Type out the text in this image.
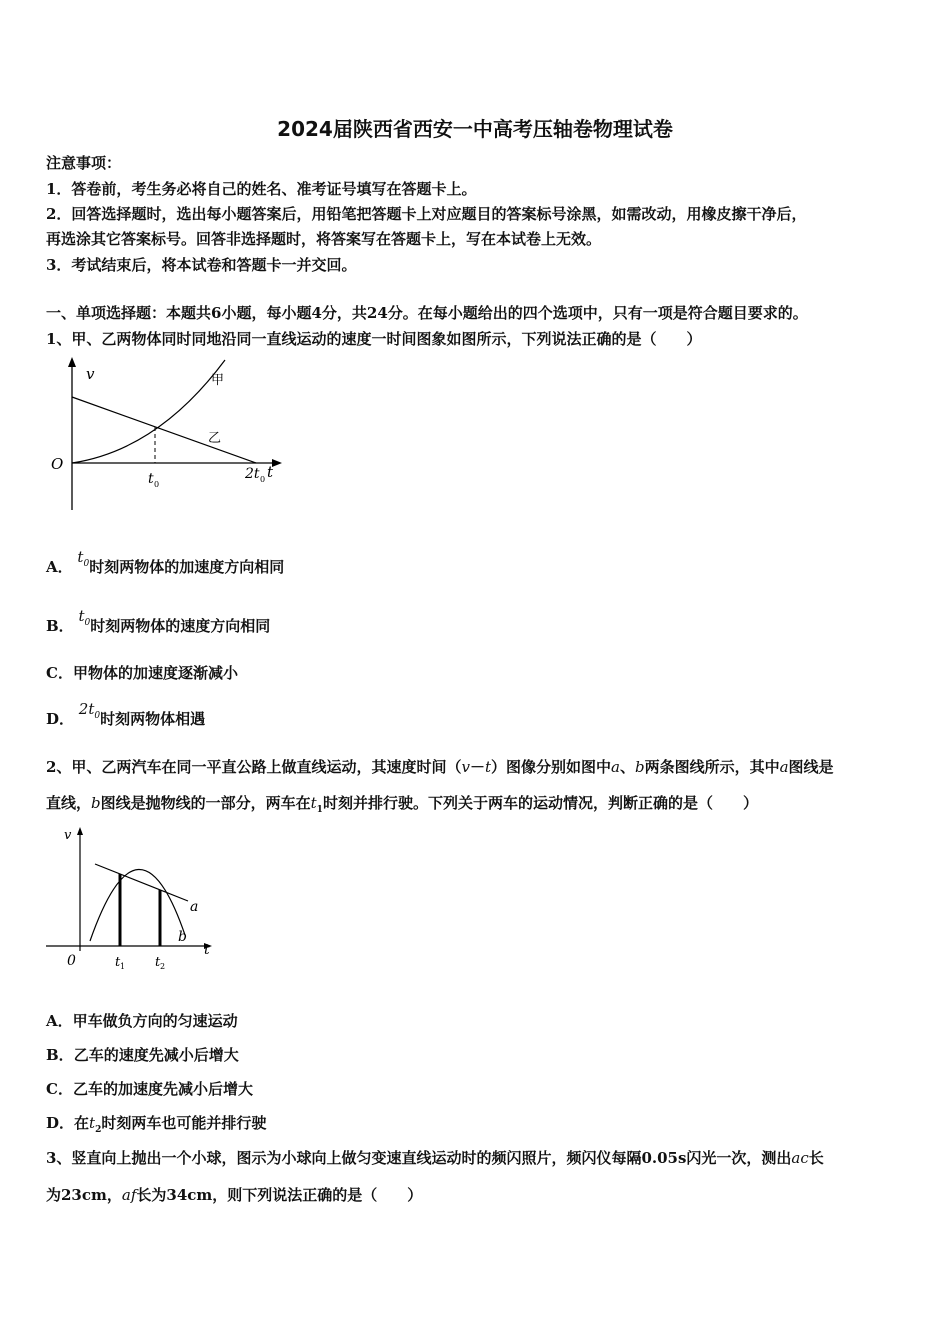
2024届陕西省西安一中高考压轴卷物理试卷
注意事项：
1．答卷前，考生务必将自己的姓名、准考证号填写在答题卡上。
2．回答选择题时，选出每小题答案后，用铅笔把答题卡上对应题目的答案标号涂黑，如需改动，用橡皮擦干净后，
再选涂其它答案标号。回答非选择题时，将答案写在答题卡上，写在本试卷上无效。
3．考试结束后，将本试卷和答题卡一并交回。
一、单项选择题：本题共6小题，每小题4分，共24分。在每小题给出的四个选项中，只有一项是符合题目要求的。
1、甲、乙两物体同时同地沿同一直线运动的速度一时间图象如图所示，下列说法正确的是（　　）
v
O	t
t 0
2t 0
甲
乙
A． $t_0$时刻两物体的加速度方向相同
B． $t_0$时刻两物体的速度方向相同
C．甲物体的加速度逐渐减小
D． $2t_0$时刻两物体相遇
2、甲、乙两汽车在同一平直公路上做直线运动，其速度时间（v－t）图像分别如图中a、b两条图线所示，其中a图线是
直线，b图线是抛物线的一部分，两车在$t_1$时刻并排行驶。下列关于两车的运动情况，判断正确的是（　　）
v
0
t
t 1 t 2
a
b
A．甲车做负方向的匀速运动
B．乙车的速度先减小后增大
C．乙车的加速度先减小后增大
D．在$t_2$时刻两车也可能并排行驶
3、竖直向上抛出一个小球，图示为小球向上做匀变速直线运动时的频闪照片，频闪仪每隔0.05s闪光一次，测出ac长
为23cm，af长为34cm，则下列说法正确的是（　　）
